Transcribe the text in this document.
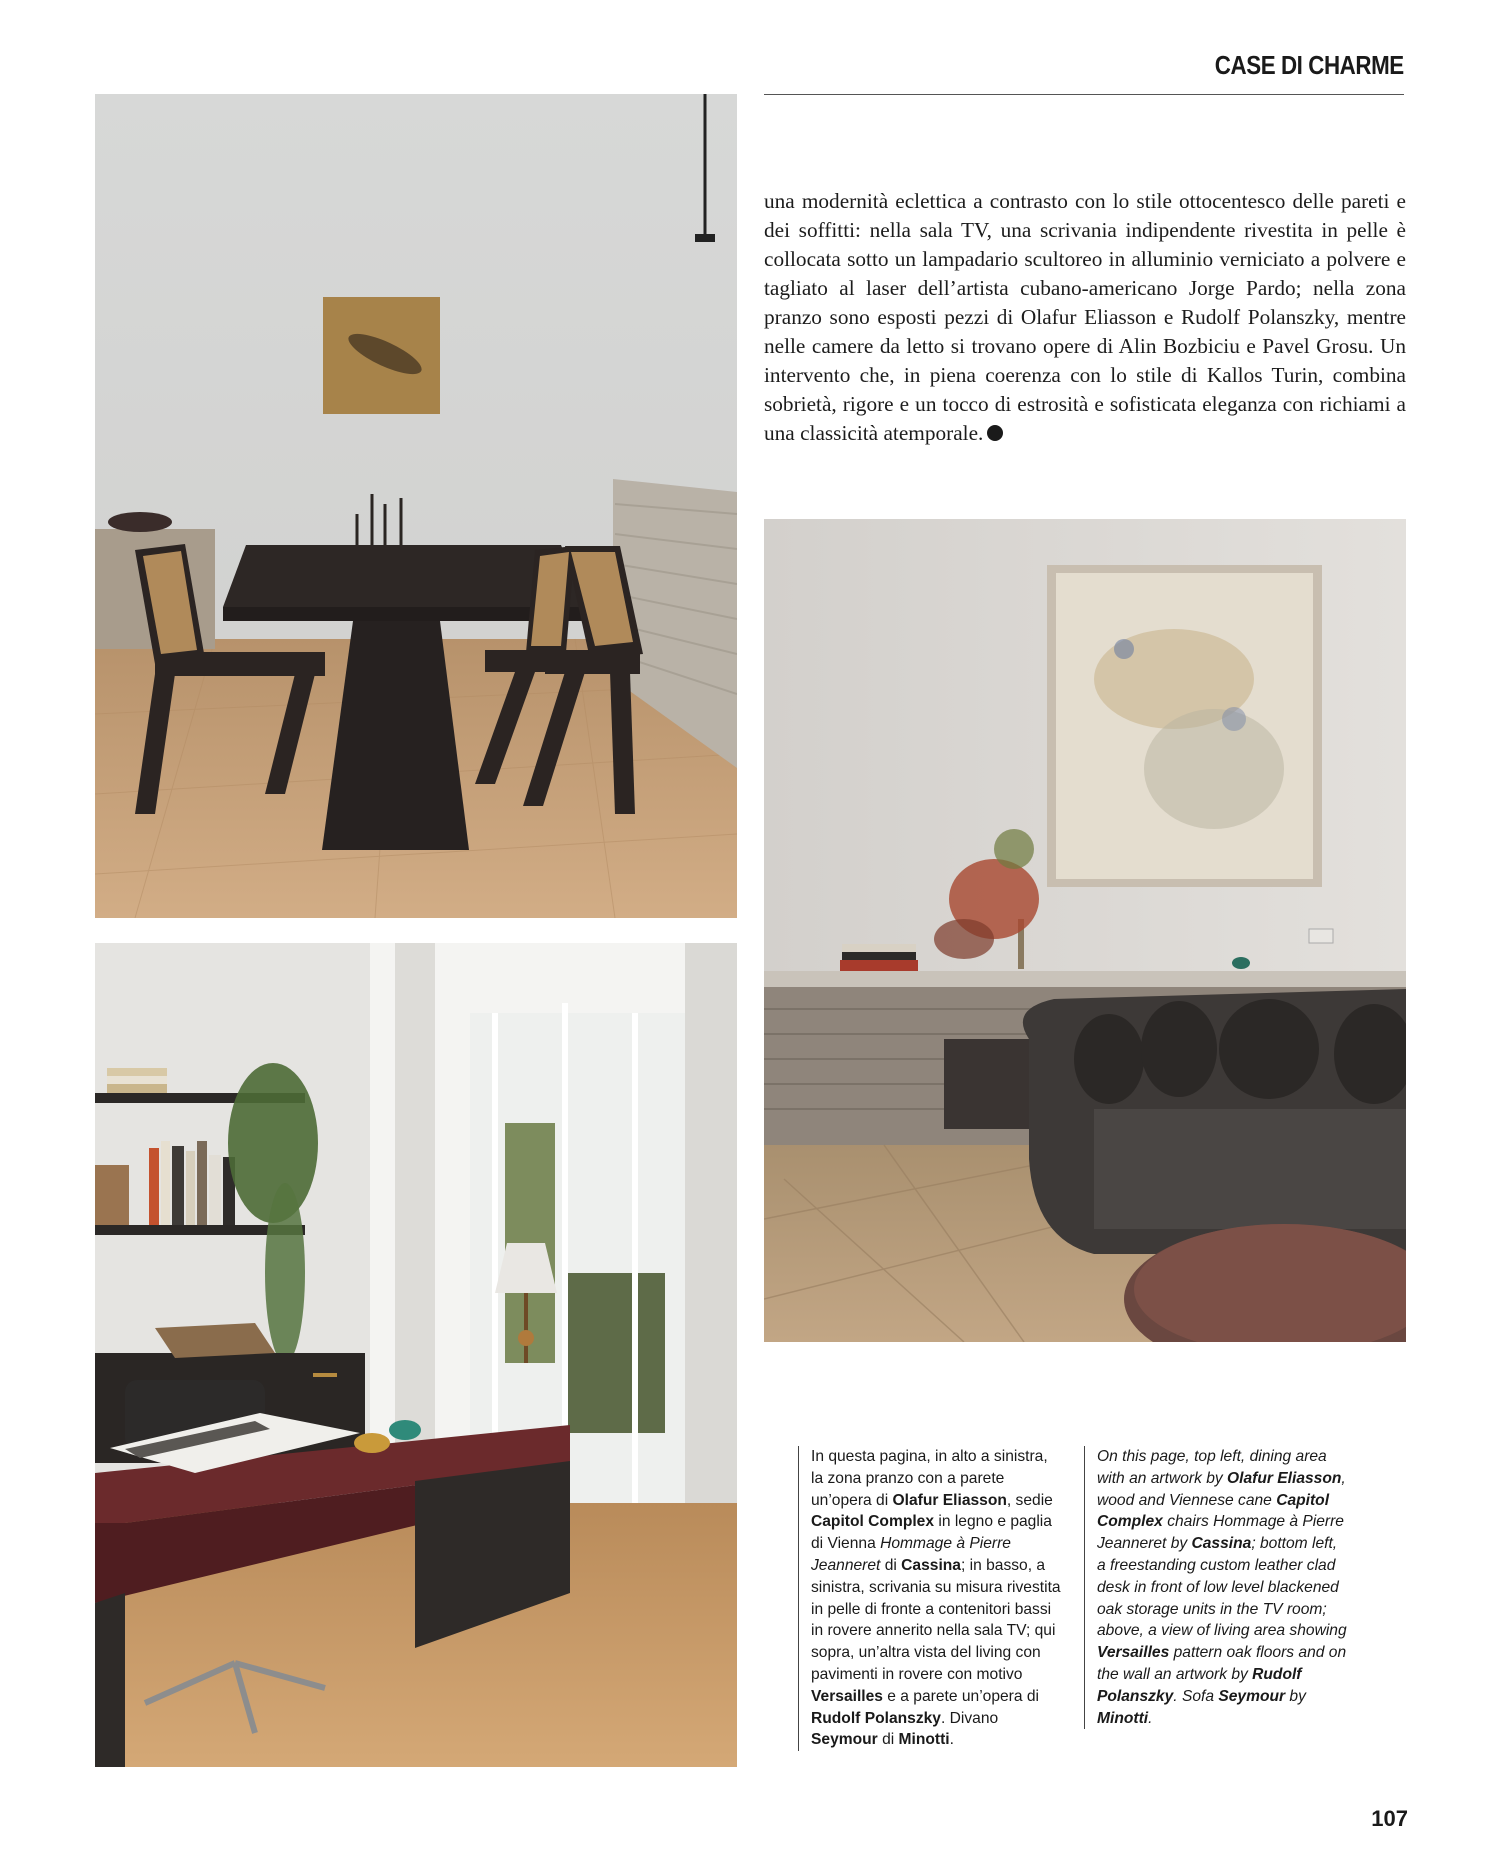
CASE DI CHARME

una modernità eclettica a contrasto con lo stile ottocentesco delle pareti e dei soffitti: nella sala TV, una scrivania indipendente rivestita in pelle è collocata sotto un lampadario scultoreo in alluminio verniciato a polvere e tagliato al laser dell’artista cubano-americano Jorge Pardo; nella zona pranzo sono esposti pezzi di Olafur Eliasson e Rudolf Polanszky, mentre nelle camere da letto si trovano opere di Alin Bozbiciu e Pavel Grosu. Un intervento che, in piena coerenza con lo stile di Kallos Turin, combina sobrietà, rigore e un tocco di estrosità e sofisticata eleganza con richiami a una classicità atemporale.

In questa pagina, in alto a sinistra, la zona pranzo con a parete un’opera di Olafur Eliasson, sedie Capitol Complex in legno e paglia di Vienna Hommage à Pierre Jeanneret di Cassina; in basso, a sinistra, scrivania su misura rivestita in pelle di fronte a contenitori bassi in rovere annerito nella sala TV; qui sopra, un’altra vista del living con pavimenti in rovere con motivo Versailles e a parete un’opera di Rudolf Polanszky. Divano Seymour di Minotti.
On this page, top left, dining area with an artwork by Olafur Eliasson, wood and Viennese cane Capitol Complex chairs Hommage à Pierre Jeanneret by Cassina; bottom left, a freestanding custom leather clad desk in front of low level blackened oak storage units in the TV room; above, a view of living area showing Versailles pattern oak floors and on the wall an artwork by Rudolf Polanszky. Sofa Seymour by Minotti.
107
